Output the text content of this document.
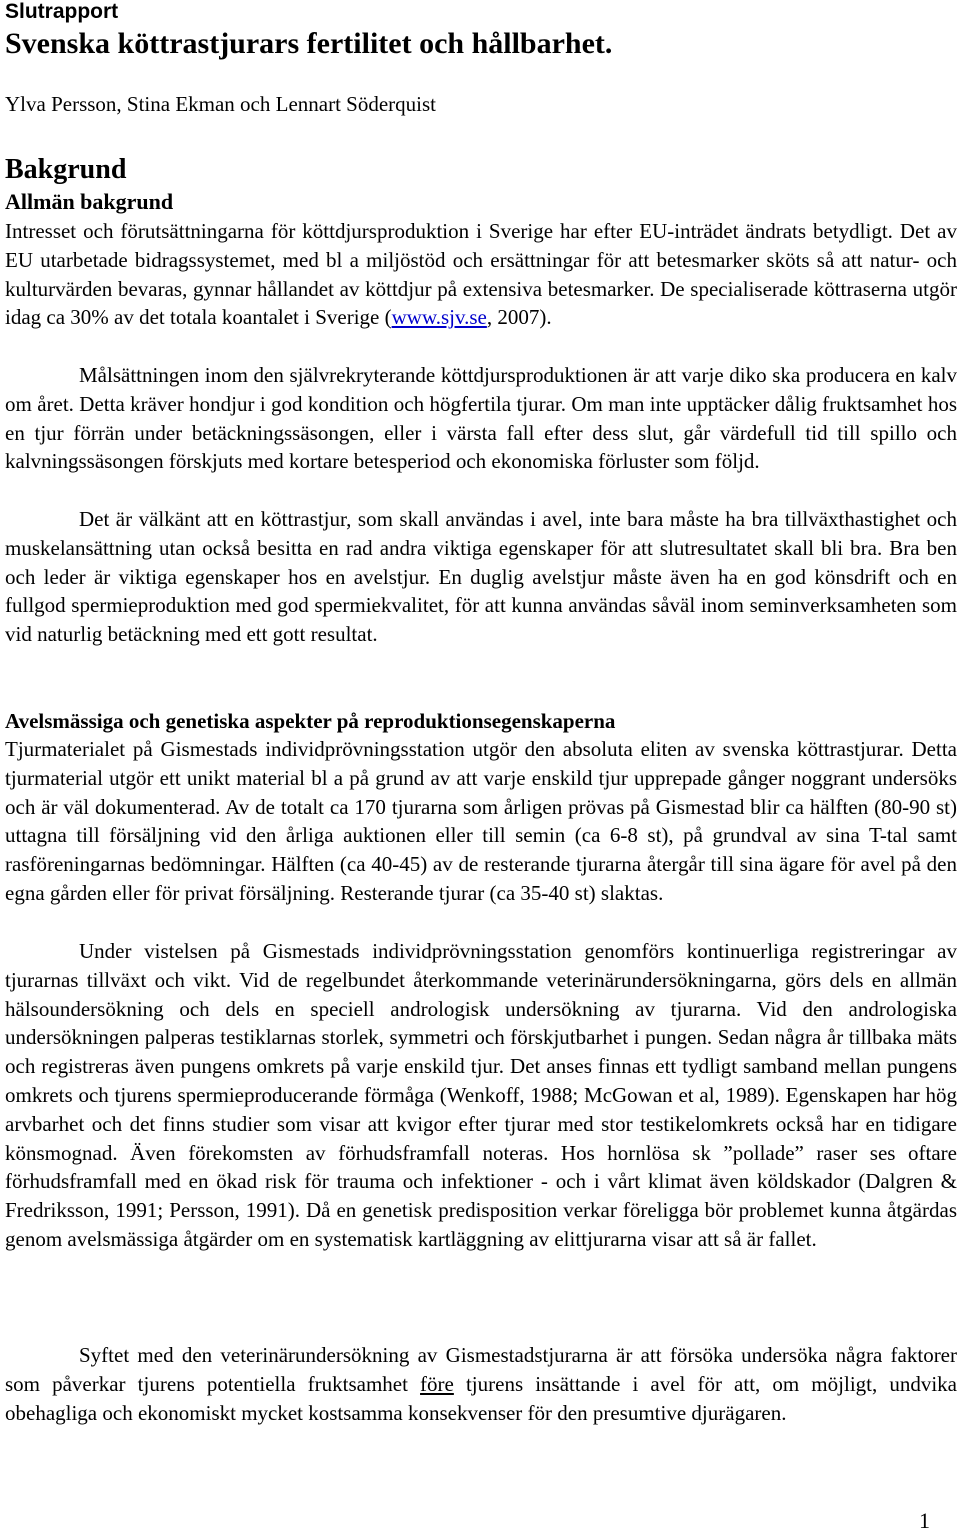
Slutrapport
Svenska köttrastjurars fertilitet och hållbarhet.
Ylva Persson, Stina Ekman och Lennart Söderquist
Bakgrund
Allmän bakgrund

Intresset och förutsättningarna för köttdjursproduktion i Sverige har efter EU-inträdet ändrats betydligt. Det av EU utarbetade bidragssystemet, med bl a miljöstöd och ersättningar för att betesmarker sköts så att natur- och kulturvärden bevaras, gynnar hållandet av köttdjur på extensiva betesmarker. De specialiserade köttraserna utgör idag ca 30% av det totala koantalet i Sverige (www.sjv.se, 2007).

Målsättningen inom den självrekryterande köttdjursproduktionen är att varje diko ska producera en kalv om året. Detta kräver hondjur i god kondition och högfertila tjurar. Om man inte upptäcker dålig fruktsamhet hos en tjur förrän under betäckningssäsongen, eller i värsta fall efter dess slut, går värdefull tid till spillo och kalvningssäsongen förskjuts med kortare betesperiod och ekonomiska förluster som följd.

Det är välkänt att en köttrastjur, som skall användas i avel, inte bara måste ha bra tillväxthastighet och muskelansättning utan också besitta en rad andra viktiga egenskaper för att slutresultatet skall bli bra. Bra ben och leder är viktiga egenskaper hos en avelstjur. En duglig avelstjur måste även ha en god könsdrift och en fullgod spermieproduktion med god spermiekvalitet, för att kunna användas såväl inom seminverksamheten som vid naturlig betäckning med ett gott resultat.

Avelsmässiga och genetiska aspekter på reproduktionsegenskaperna

Tjurmaterialet på Gismestads individprövningsstation utgör den absoluta eliten av svenska köttrastjurar. Detta tjurmaterial utgör ett unikt material bl a på grund av att varje enskild tjur upprepade gånger noggrant undersöks och är väl dokumenterad. Av de totalt ca 170 tjurarna som årligen prövas på Gismestad blir ca hälften (80-90 st) uttagna till försäljning vid den årliga auktionen eller till semin (ca 6-8 st), på grundval av sina T-tal samt rasföreningarnas bedömningar. Hälften (ca 40-45) av de resterande tjurarna återgår till sina ägare för avel på den egna gården eller för privat försäljning. Resterande tjurar (ca 35-40 st) slaktas.

Under vistelsen på Gismestads individprövningsstation genomförs kontinuerliga registreringar av tjurarnas tillväxt och vikt. Vid de regelbundet återkommande veterinärundersökningarna, görs dels en allmän hälsoundersökning och dels en speciell andrologisk undersökning av tjurarna. Vid den andrologiska undersökningen palperas testiklarnas storlek, symmetri och förskjutbarhet i pungen. Sedan några år tillbaka mäts och registreras även pungens omkrets på varje enskild tjur. Det anses finnas ett tydligt samband mellan pungens omkrets och tjurens spermieproducerande förmåga (Wenkoff, 1988; McGowan et al, 1989). Egenskapen har hög arvbarhet och det finns studier som visar att kvigor efter tjurar med stor testikelomkrets också har en tidigare könsmognad. Även förekomsten av förhudsframfall noteras. Hos hornlösa sk ”pollade” raser ses oftare förhudsframfall med en ökad risk för trauma och infektioner - och i vårt klimat även köldskador (Dalgren & Fredriksson, 1991; Persson, 1991). Då en genetisk predisposition verkar föreligga bör problemet kunna åtgärdas genom avelsmässiga åtgärder om en systematisk kartläggning av elittjurarna visar att så är fallet.

Syftet med den veterinärundersökning av Gismestadstjurarna är att försöka undersöka några faktorer som påverkar tjurens potentiella fruktsamhet före tjurens insättande i avel för att, om möjligt, undvika obehagliga och ekonomiskt mycket kostsamma konsekvenser för den presumtive djurägaren.

1
